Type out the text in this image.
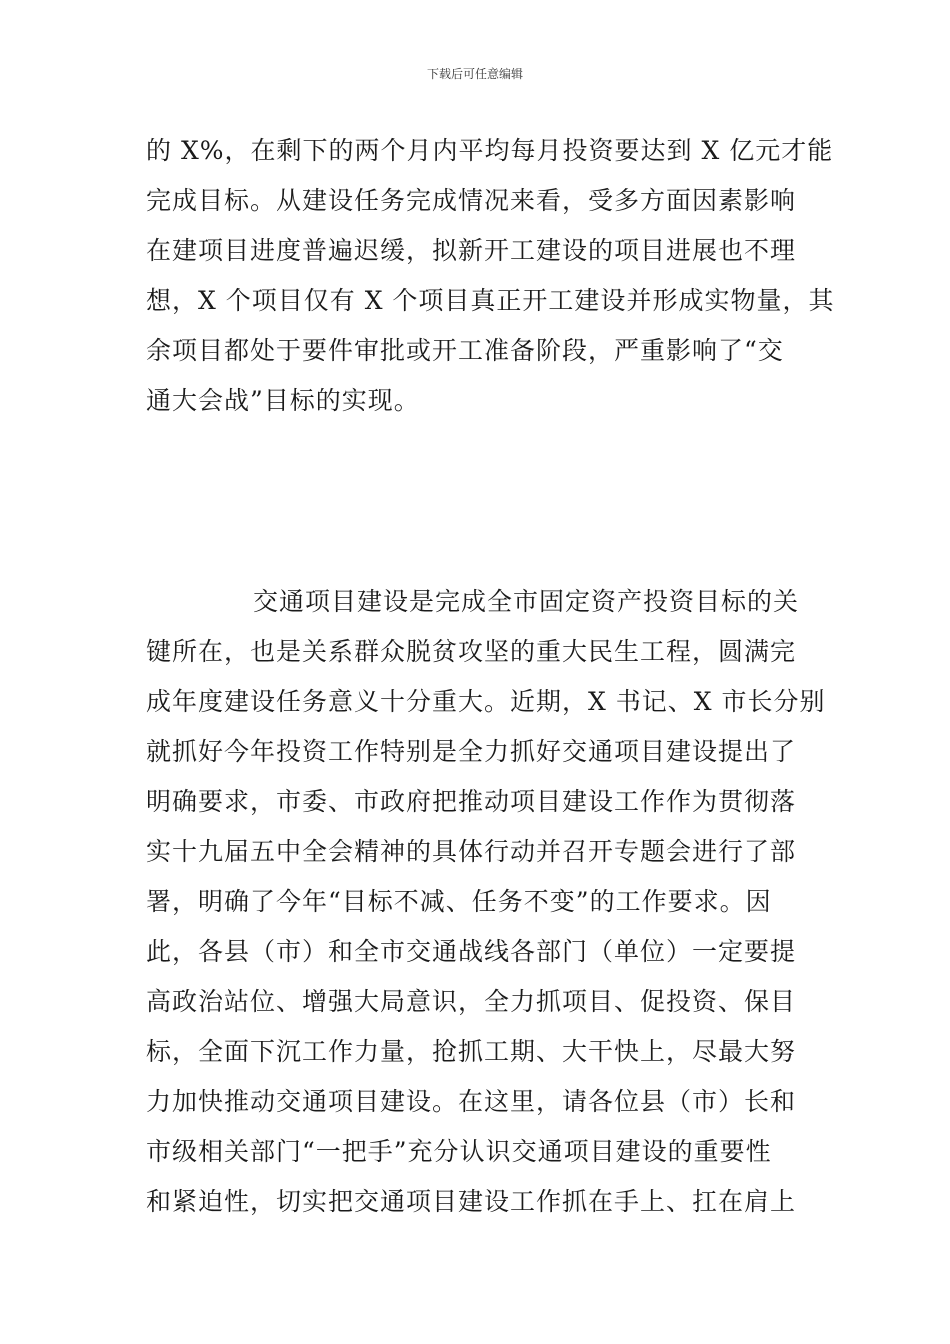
下载后可任意编辑
的 X%，在剩下的两个月内平均每月投资要达到 X 亿元才能
完成目标。从建设任务完成情况来看，受多方面因素影响
在建项目进度普遍迟缓，拟新开工建设的项目进展也不理
想，X 个项目仅有 X 个项目真正开工建设并形成实物量，其
余项目都处于要件审批或开工准备阶段，严重影响了“交
通大会战”目标的实现。
交通项目建设是完成全市固定资产投资目标的关
键所在，也是关系群众脱贫攻坚的重大民生工程，圆满完
成年度建设任务意义十分重大。近期，X 书记、X 市长分别
就抓好今年投资工作特别是全力抓好交通项目建设提出了
明确要求，市委、市政府把推动项目建设工作作为贯彻落
实十九届五中全会精神的具体行动并召开专题会进行了部
署，明确了今年“目标不减、任务不变”的工作要求。因
此，各县（市）和全市交通战线各部门（单位）一定要提
高政治站位、增强大局意识，全力抓项目、促投资、保目
标，全面下沉工作力量，抢抓工期、大干快上，尽最大努
力加快推动交通项目建设。在这里，请各位县（市）长和
市级相关部门“一把手”充分认识交通项目建设的重要性
和紧迫性，切实把交通项目建设工作抓在手上、扛在肩上
